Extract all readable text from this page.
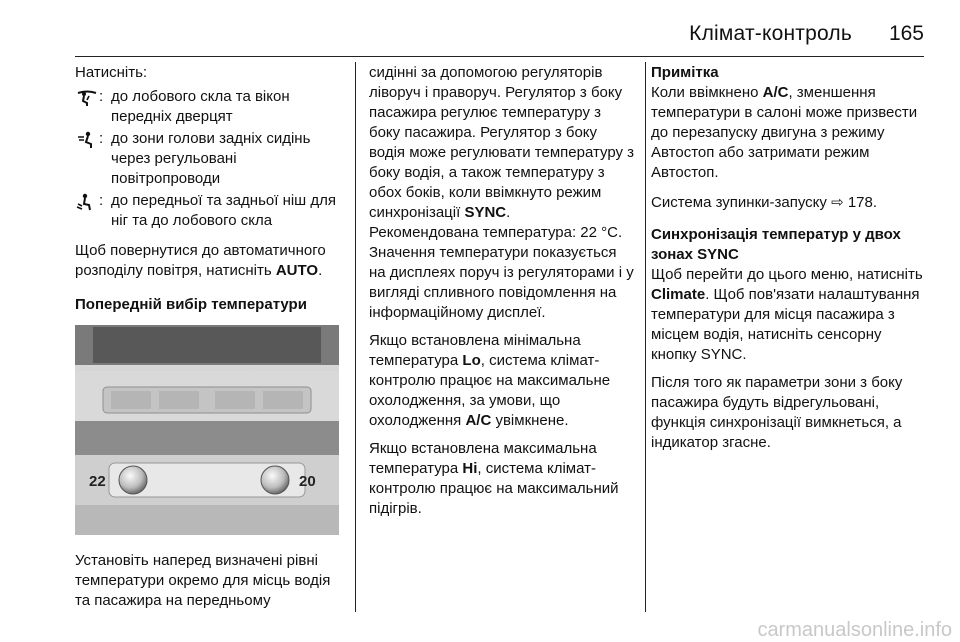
Клімат-контроль 165

Натисніть:

: до лобового скла та вікон передніх дверцят
: до зони голови задніх сидінь через регульовані повітропроводи
: до передньої та задньої ніш для ніг та до лобового скла

Щоб повернутися до автоматичного розподілу повітря, натисніть AUTO.

Попередній вибір температури

22	20

Установіть наперед визначені рівні температури окремо для місць водія та пасажира на передньому

сидінні за допомогою регуляторів ліворуч і праворуч. Регулятор з боку пасажира регулює температуру з боку пасажира. Регулятор з боку водія може регулювати температуру з боку водія, а також температуру з обох боків, коли ввімкнуто режим синхронізації SYNC.

Рекомендована температура: 22 °C. Значення температури показується на дисплеях поруч із регуляторами і у вигляді спливного повідомлення на інформаційному дисплеї.

Якщо встановлена мінімальна температура Lo, система клімат-контролю працює на максимальне охолодження, за умови, що охолодження A/C увімкнене.

Якщо встановлена максимальна температура Hi, система клімат-контролю працює на максимальний підігрів.

Примітка
Коли ввімкнено A/C, зменшення температури в салоні може призвести до перезапуску двигуна з режиму Автостоп або затримати режим Автостоп.

Система зупинки-запуску ⇨ 178.

Синхронізація температур у двох зонах SYNC

Щоб перейти до цього меню, натисніть Climate. Щоб пов'язати налаштування температури для місця пасажира з місцем водія, натисніть сенсорну кнопку SYNC.

Після того як параметри зони з боку пасажира будуть відрегульовані, функція синхронізації вимкнеться, а індикатор згасне.

carmanualsonline.info
